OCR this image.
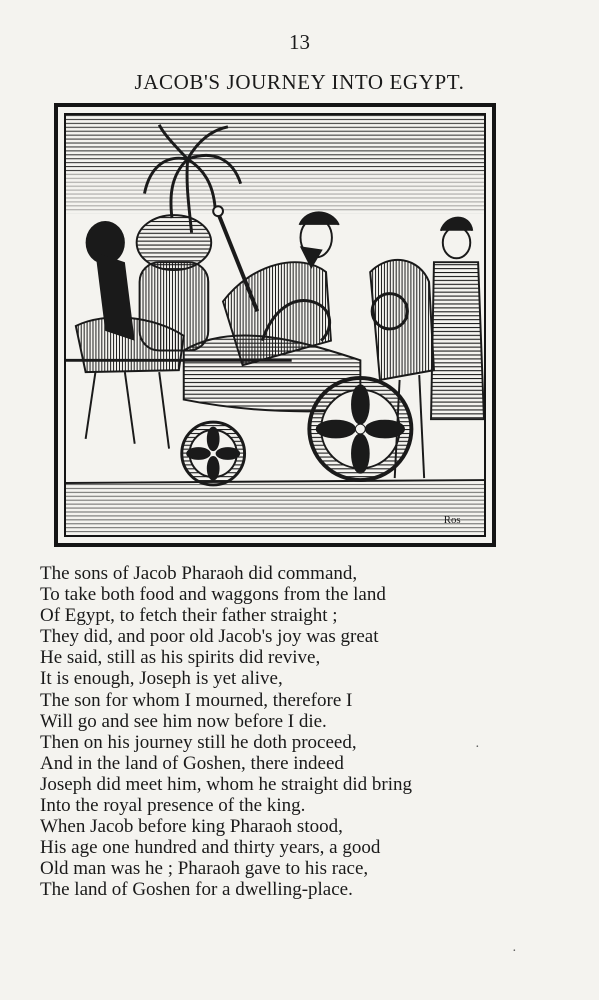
13
JACOB'S JOURNEY INTO EGYPT.
Ros
The sons of Jacob Pharaoh did command,
To take both food and waggons from the land
Of Egypt, to fetch their father straight ;
They did, and poor old Jacob's joy was great
He said, still as his spirits did revive,
It is enough, Joseph is yet alive,
The son for whom I mourned, therefore I
Will go and see him now before I die.
Then on his journey still he doth proceed,
And in the land of Goshen, there indeed
Joseph did meet him, whom he straight did bring
Into the royal presence of the king.
When Jacob before king Pharaoh stood,
His age one hundred and thirty years, a good
Old man was he ; Pharaoh gave to his race,
The land of Goshen for a dwelling-place.
·
·
